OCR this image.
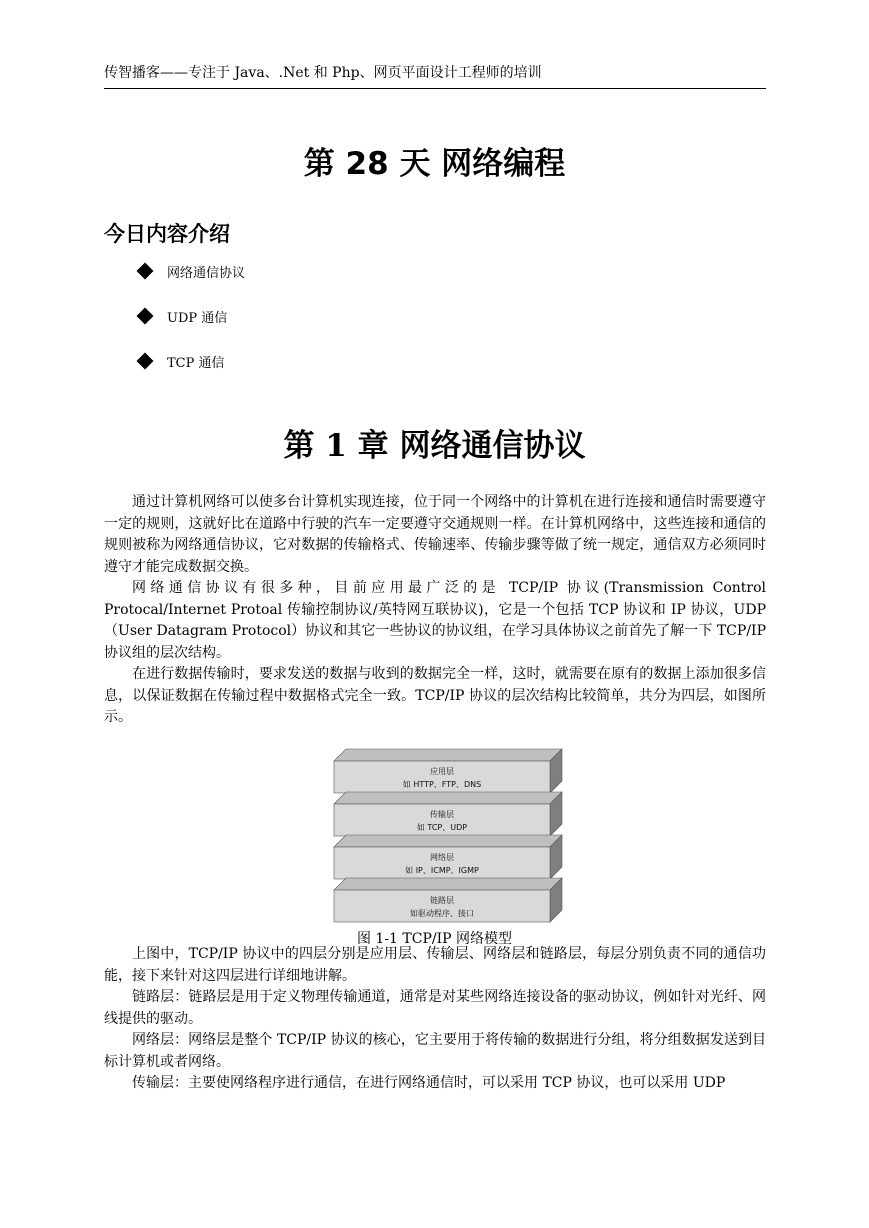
传智播客——专注于 Java、.Net 和 Php、网页平面设计工程师的培训
第 28 天 网络编程
今日内容介绍
网络通信协议
UDP 通信
TCP 通信
第 1 章 网络通信协议

通过计算机网络可以使多台计算机实现连接，位于同一个网络中的计算机在进行连接和通信时需要遵守一定的规则，这就好比在道路中行驶的汽车一定要遵守交通规则一样。在计算机网络中，这些连接和通信的规则被称为网络通信协议，它对数据的传输格式、传输速率、传输步骤等做了统一规定，通信双方必须同时遵守才能完成数据交换。

网络通信协议有很多种，目前应用最广泛的是 TCP/IP 协议(Transmission Control Protocal/Internet Protoal 传输控制协议/英特网互联协议)，它是一个包括 TCP 协议和 IP 协议，UDP（User Datagram Protocol）协议和其它一些协议的协议组，在学习具体协议之前首先了解一下 TCP/IP 协议组的层次结构。

在进行数据传输时，要求发送的数据与收到的数据完全一样，这时，就需要在原有的数据上添加很多信息，以保证数据在传输过程中数据格式完全一致。TCP/IP 协议的层次结构比较简单，共分为四层，如图所示。

应用层
如 HTTP、FTP、DNS
传输层
如 TCP、UDP
网络层
如 IP、ICMP、IGMP
链路层
如驱动程序、接口
图 1-1 TCP/IP 网络模型

上图中，TCP/IP 协议中的四层分别是应用层、传输层、网络层和链路层，每层分别负责不同的通信功能，接下来针对这四层进行详细地讲解。

链路层：链路层是用于定义物理传输通道，通常是对某些网络连接设备的驱动协议，例如针对光纤、网线提供的驱动。

网络层：网络层是整个 TCP/IP 协议的核心，它主要用于将传输的数据进行分组，将分组数据发送到目标计算机或者网络。

传输层：主要使网络程序进行通信，在进行网络通信时，可以采用 TCP 协议，也可以采用 UDP
